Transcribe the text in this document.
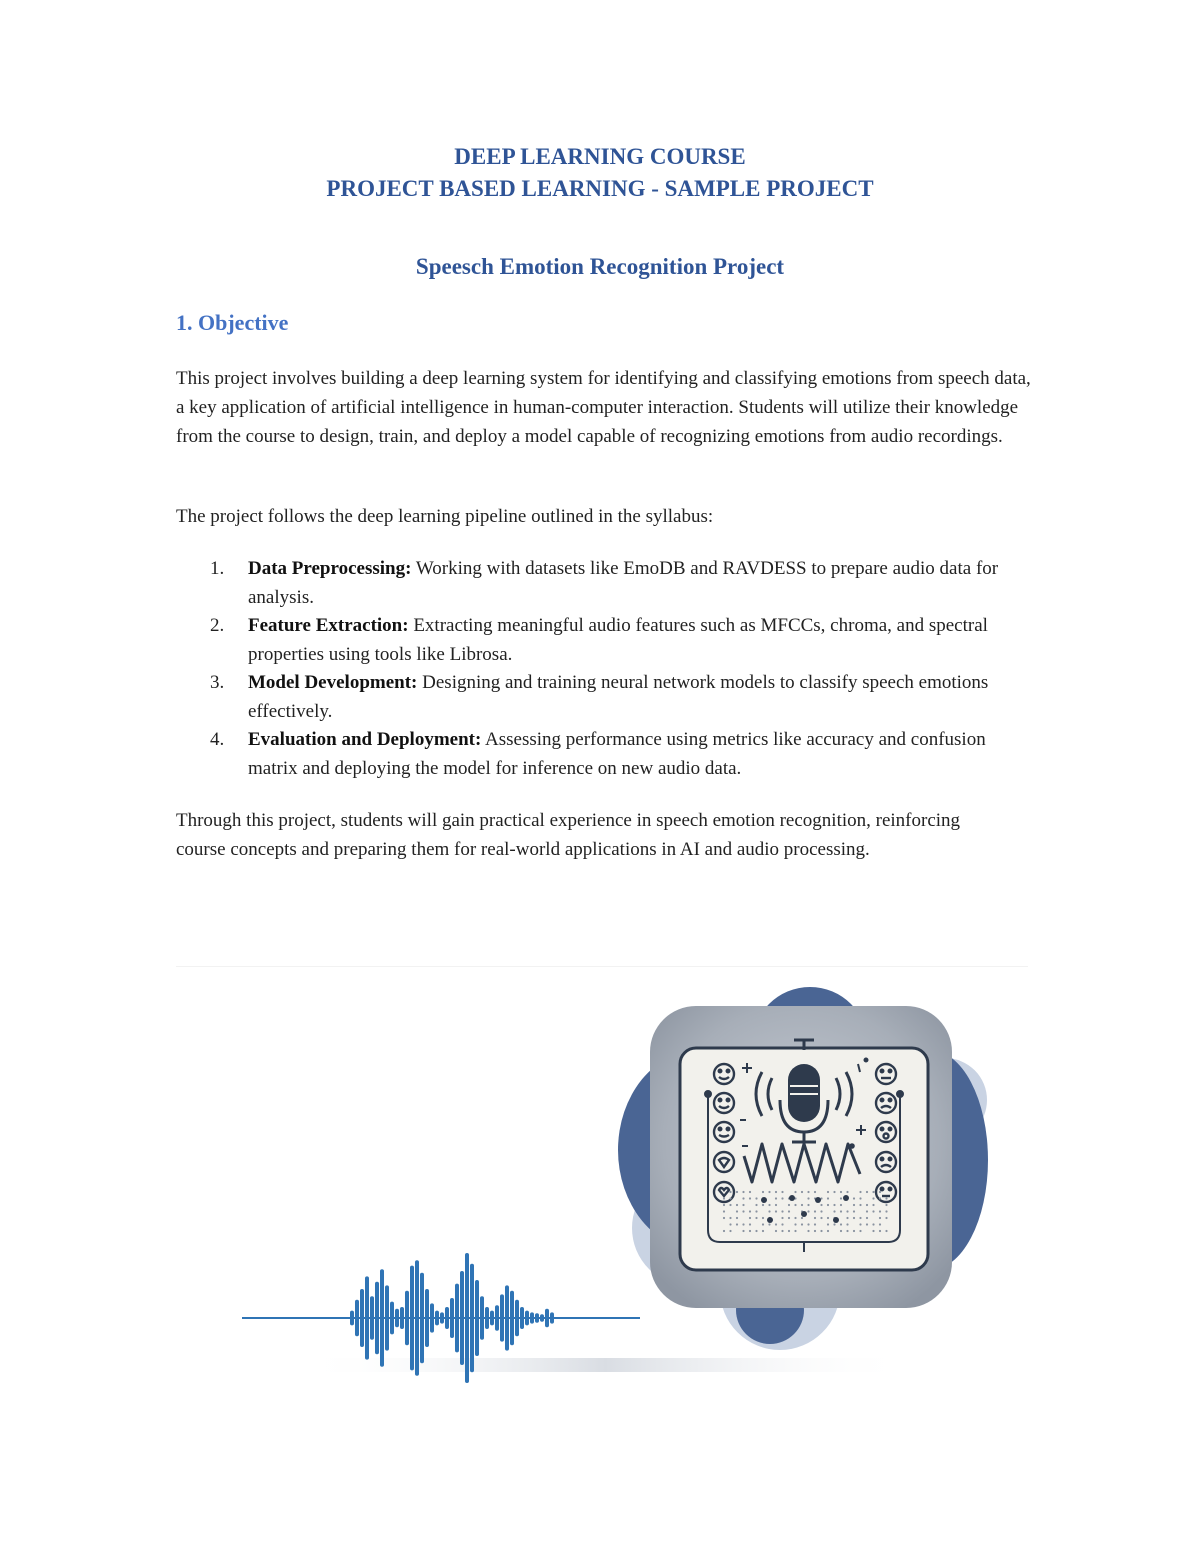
DEEP LEARNING COURSE
PROJECT BASED LEARNING - SAMPLE PROJECT
Speesch Emotion Recognition Project
1. Objective

This project involves building a deep learning system for identifying and classifying emotions from speech data, a key application of artificial intelligence in human-computer interaction. Students will utilize their knowledge from the course to design, train, and deploy a model capable of recognizing emotions from audio recordings.

The project follows the deep learning pipeline outlined in the syllabus:

1. Data Preprocessing: Working with datasets like EmoDB and RAVDESS to prepare audio data for analysis.
2. Feature Extraction: Extracting meaningful audio features such as MFCCs, chroma, and spectral properties using tools like Librosa.
3. Model Development: Designing and training neural network models to classify speech emotions effectively.
4. Evaluation and Deployment: Assessing performance using metrics like accuracy and confusion matrix and deploying the model for inference on new audio data.

Through this project, students will gain practical experience in speech emotion recognition, reinforcing course concepts and preparing them for real-world applications in AI and audio processing.
